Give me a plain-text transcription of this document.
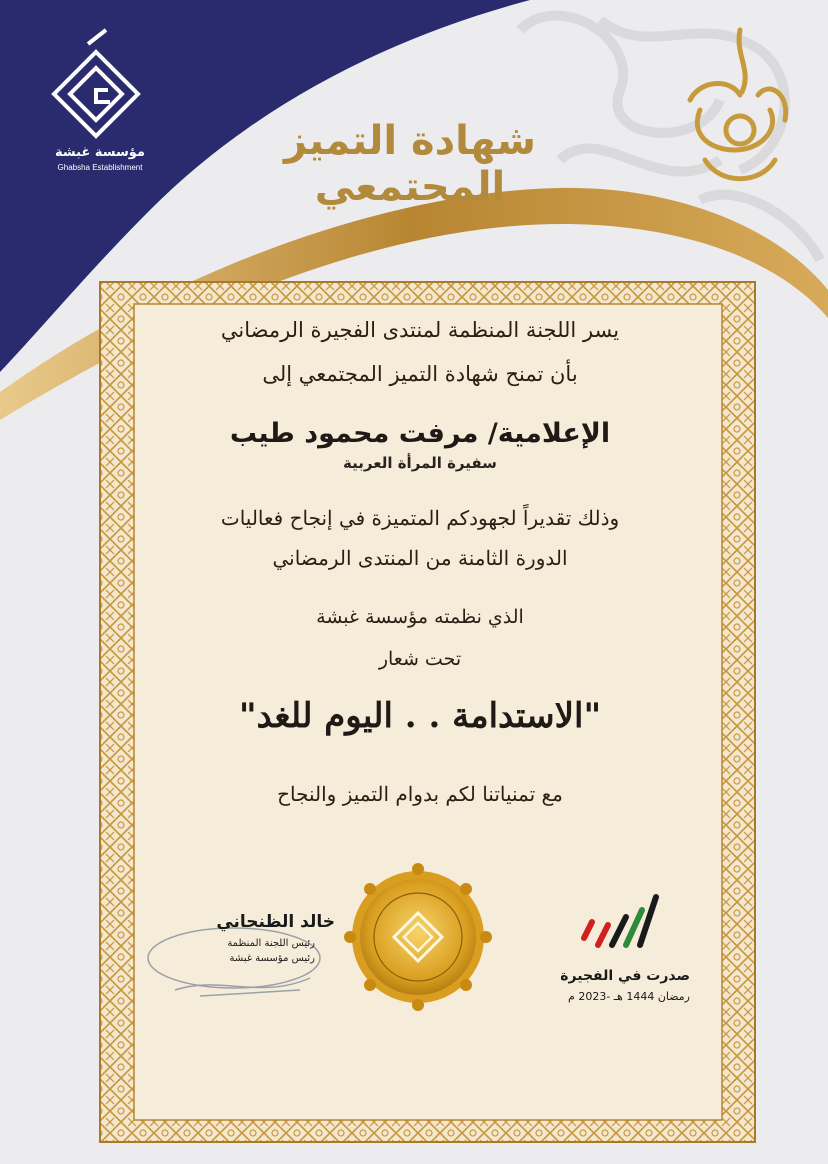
مؤسسة غبشة
Ghabsha Establishment
شهادة التميز المجتمعي
يسر اللجنة المنظمة لمنتدى الفجيرة الرمضاني
بأن تمنح شهادة التميز المجتمعي إلى
الإعلامية/ مرفت محمود طيب
سفيرة المرأة العربية
وذلك تقديراً لجهودكم المتميزة في إنجاح فعاليات
الدورة الثامنة من المنتدى الرمضاني
الذي نظمته مؤسسة غبشة
تحت شعار
"الاستدامة . . اليوم للغد"
مع تمنياتنا لكم بدوام التميز والنجاح
خالد الظنحاني
رئيس اللجنة المنظمة
رئيس مؤسسة غبشة
صدرت في الفجيرة
رمضان 1444 هـ -2023 م
